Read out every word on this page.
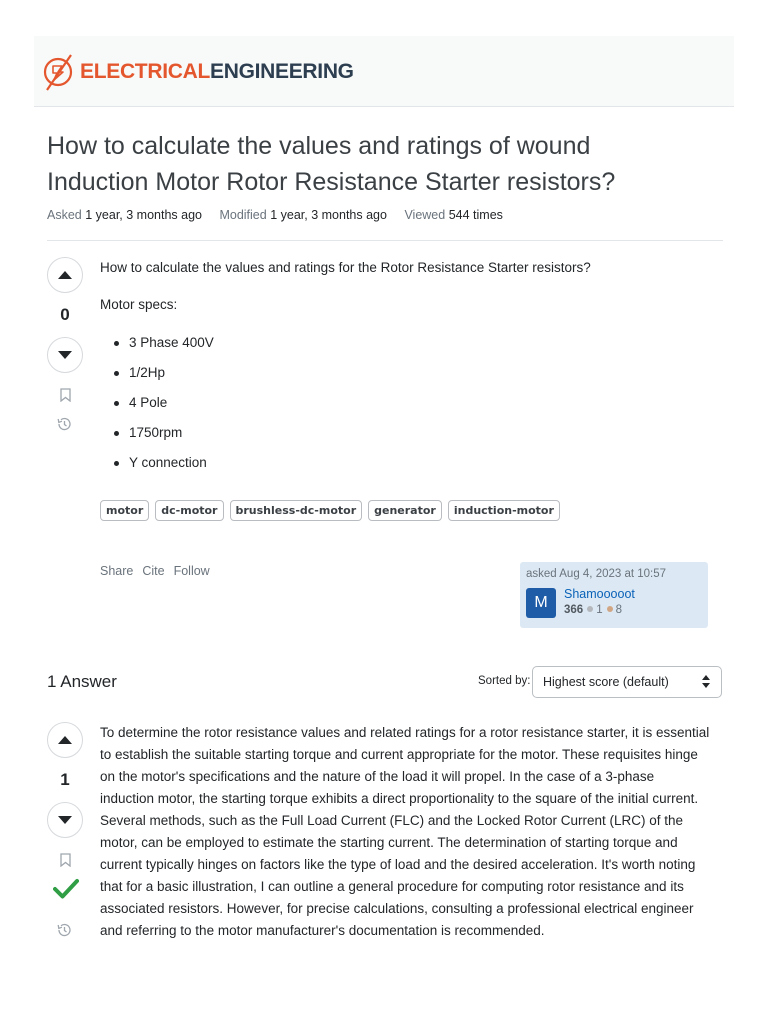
ELECTRICALENGINEERING
How to calculate the values and ratings of wound Induction Motor Rotor Resistance Starter resistors?
Asked 1 year, 3 months ago Modified 1 year, 3 months ago Viewed 544 times
0

How to calculate the values and ratings for the Rotor Resistance Starter resistors?

Motor specs:

3 Phase 400V
1/2Hp
4 Pole
1750rpm
Y connection
motor	dc-motor	brushless-dc-motor	generator	induction-motor
Share Cite Follow	asked Aug 4, 2023 at 10:57
M	Shamooooot
366 1 8
1 Answer	Sorted by: Highest score (default)
1
To determine the rotor resistance values and related ratings for a rotor resistance starter, it is essential to establish the suitable starting torque and current appropriate for the motor. These requisites hinge on the motor's specifications and the nature of the load it will propel. In the case of a 3-phase induction motor, the starting torque exhibits a direct proportionality to the square of the initial current. Several methods, such as the Full Load Current (FLC) and the Locked Rotor Current (LRC) of the motor, can be employed to estimate the starting current. The determination of starting torque and current typically hinges on factors like the type of load and the desired acceleration. It's worth noting that for a basic illustration, I can outline a general procedure for computing rotor resistance and its associated resistors. However, for precise calculations, consulting a professional electrical engineer and referring to the motor manufacturer's documentation is recommended.
